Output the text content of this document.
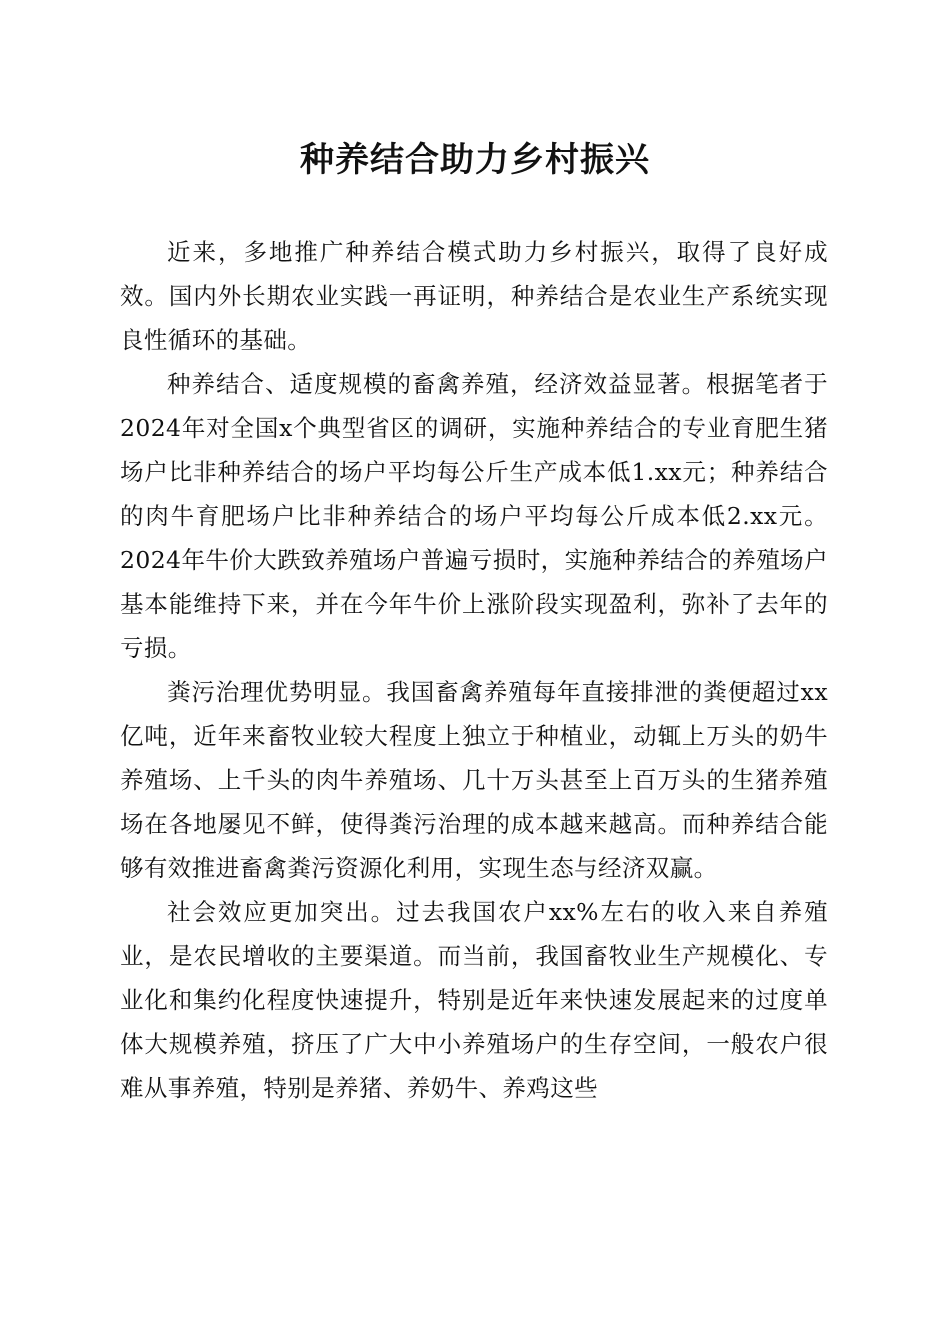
种养结合助力乡村振兴

近来，多地推广种养结合模式助力乡村振兴，取得了良好成效。国内外长期农业实践一再证明，种养结合是农业生产系统实现良性循环的基础。

种养结合、适度规模的畜禽养殖，经济效益显著。根据笔者于2024年对全国x个典型省区的调研，实施种养结合的专业育肥生猪场户比非种养结合的场户平均每公斤生产成本低1.xx元；种养结合的肉牛育肥场户比非种养结合的场户平均每公斤成本低2.xx元。2024年牛价大跌致养殖场户普遍亏损时，实施种养结合的养殖场户基本能维持下来，并在今年牛价上涨阶段实现盈利，弥补了去年的亏损。

粪污治理优势明显。我国畜禽养殖每年直接排泄的粪便超过xx亿吨，近年来畜牧业较大程度上独立于种植业，动辄上万头的奶牛养殖场、上千头的肉牛养殖场、几十万头甚至上百万头的生猪养殖场在各地屡见不鲜，使得粪污治理的成本越来越高。而种养结合能够有效推进畜禽粪污资源化利用，实现生态与经济双赢。

社会效应更加突出。过去我国农户xx%左右的收入来自养殖业，是农民增收的主要渠道。而当前，我国畜牧业生产规模化、专业化和集约化程度快速提升，特别是近年来快速发展起来的过度单体大规模养殖，挤压了广大中小养殖场户的生存空间，一般农户很难从事养殖，特别是养猪、养奶牛、养鸡这些
